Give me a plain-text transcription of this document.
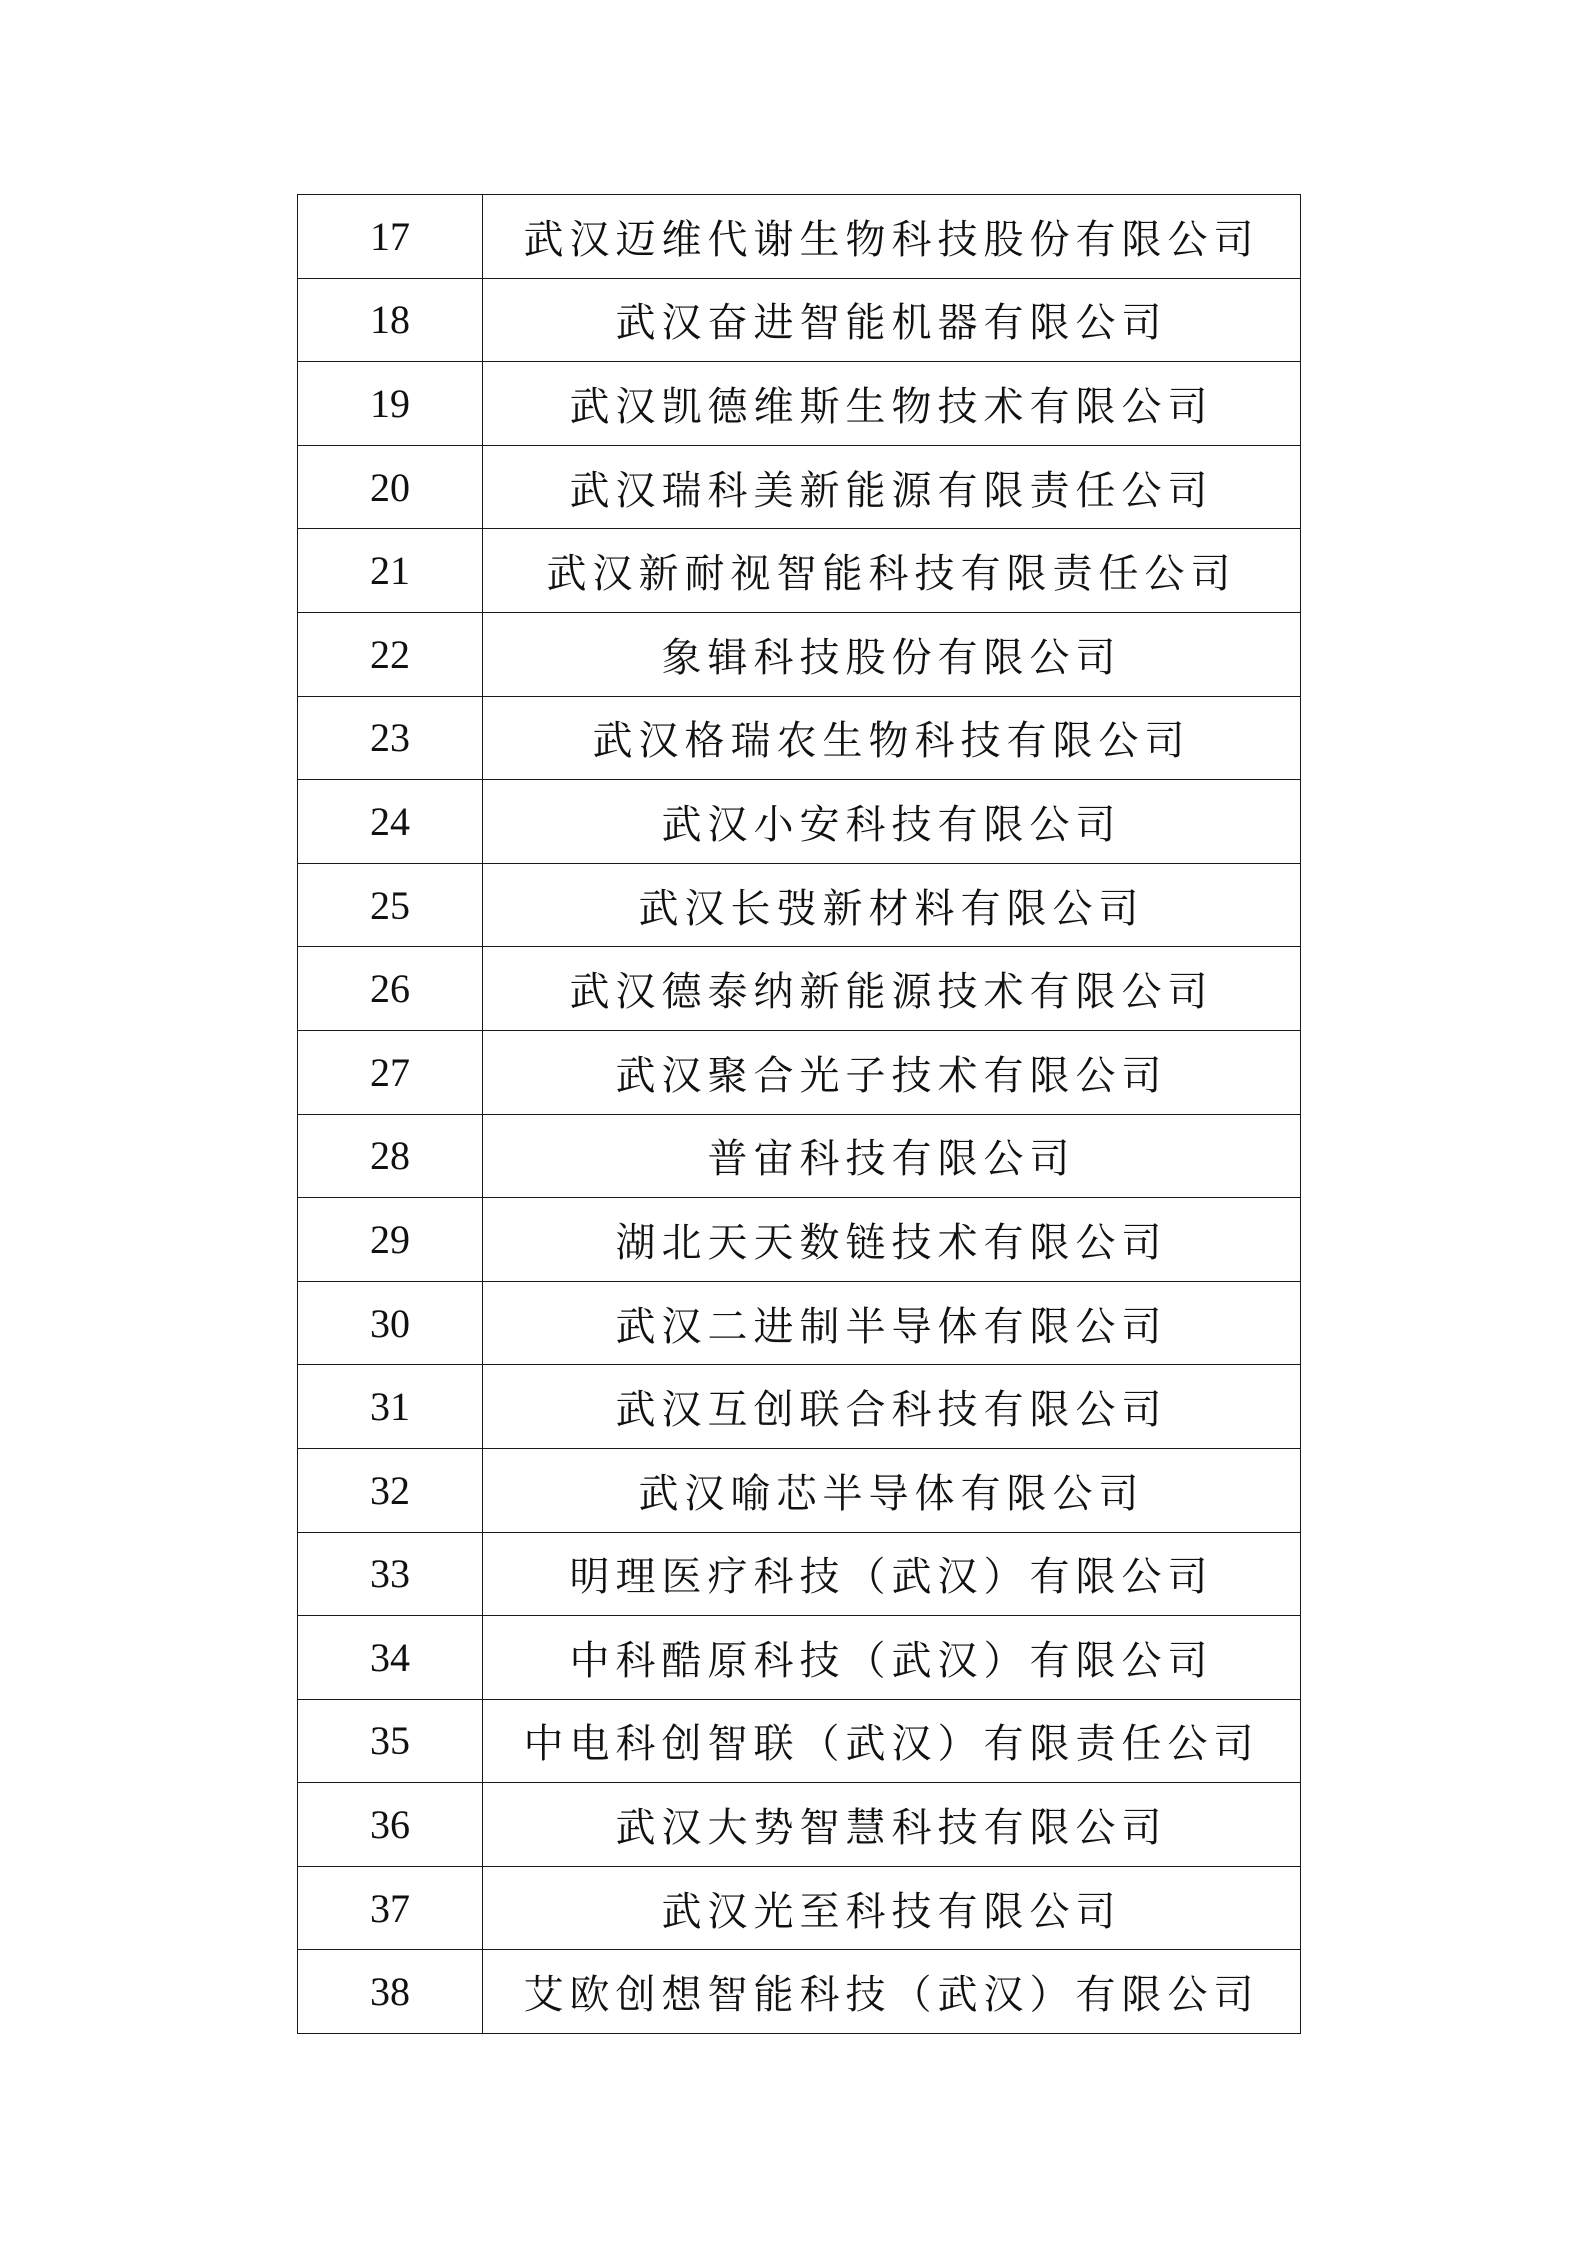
17	武汉迈维代谢生物科技股份有限公司
18	武汉奋进智能机器有限公司
19	武汉凯德维斯生物技术有限公司
20	武汉瑞科美新能源有限责任公司
21	武汉新耐视智能科技有限责任公司
22	象辑科技股份有限公司
23	武汉格瑞农生物科技有限公司
24	武汉小安科技有限公司
25	武汉长弢新材料有限公司
26	武汉德泰纳新能源技术有限公司
27	武汉聚合光子技术有限公司
28	普宙科技有限公司
29	湖北天天数链技术有限公司
30	武汉二进制半导体有限公司
31	武汉互创联合科技有限公司
32	武汉喻芯半导体有限公司
33	明理医疗科技（武汉）有限公司
34	中科酷原科技（武汉）有限公司
35	中电科创智联（武汉）有限责任公司
36	武汉大势智慧科技有限公司
37	武汉光至科技有限公司
38	艾欧创想智能科技（武汉）有限公司
